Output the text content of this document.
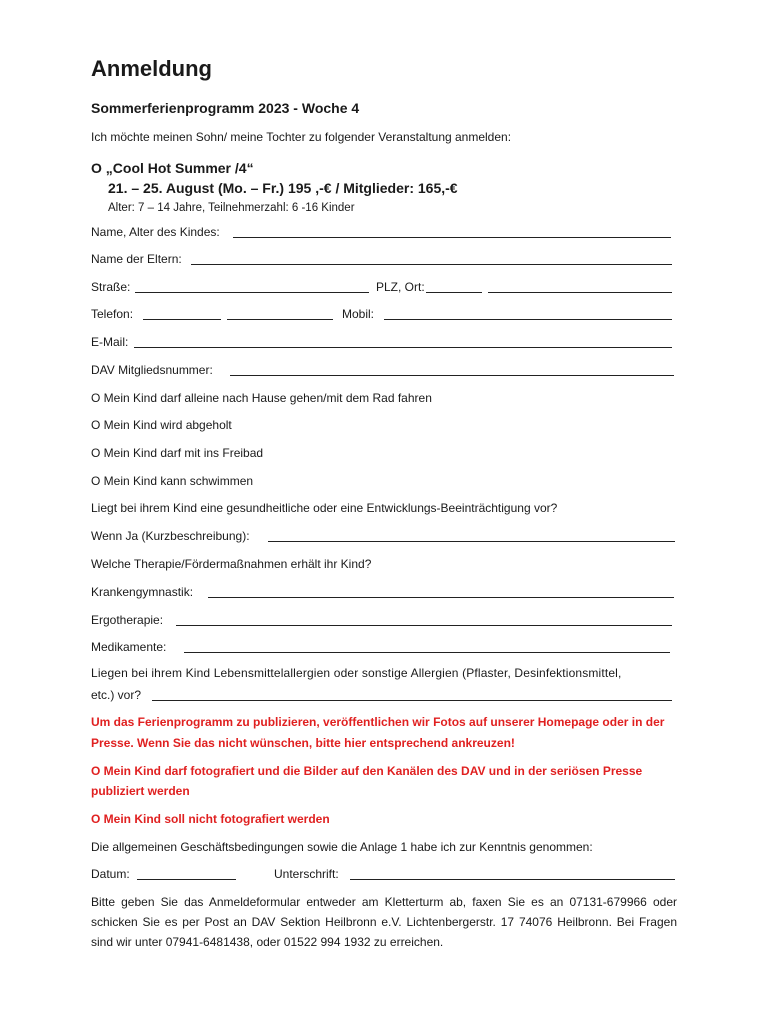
Anmeldung
Sommerferienprogramm 2023 - Woche 4
Ich möchte meinen Sohn/ meine Tochter zu folgender Veranstaltung anmelden:
O „Cool Hot Summer /4“
21. – 25. August (Mo. – Fr.) 195 ,-€ / Mitglieder: 165,-€
Alter: 7 – 14 Jahre, Teilnehmerzahl: 6 -16 Kinder
Name, Alter des Kindes:
Name der Eltern:
Straße:	PLZ, Ort:
Telefon:	Mobil:
E-Mail:
DAV Mitgliedsnummer:
O Mein Kind darf alleine nach Hause gehen/mit dem Rad fahren
O Mein Kind wird abgeholt
O Mein Kind darf mit ins Freibad
O Mein Kind kann schwimmen
Liegt bei ihrem Kind eine gesundheitliche oder eine Entwicklungs-Beeinträchtigung vor?
Wenn Ja (Kurzbeschreibung):
Welche Therapie/Fördermaßnahmen erhält ihr Kind?
Krankengymnastik:
Ergotherapie:
Medikamente:
Liegen bei ihrem Kind Lebensmittelallergien oder sonstige Allergien (Pflaster, Desinfektionsmittel,
etc.) vor?
Um das Ferienprogramm zu publizieren, veröffentlichen wir Fotos auf unserer Homepage oder in der
Presse. Wenn Sie das nicht wünschen, bitte hier entsprechend ankreuzen!
O Mein Kind darf fotografiert und die Bilder auf den Kanälen des DAV und in der seriösen Presse
publiziert werden
O Mein Kind soll nicht fotografiert werden
Die allgemeinen Geschäftsbedingungen sowie die Anlage 1 habe ich zur Kenntnis genommen:
Datum:	Unterschrift:
Bitte geben Sie das Anmeldeformular entweder am Kletterturm ab, faxen Sie es an 07131-679966 oder schicken Sie es per Post an DAV Sektion Heilbronn e.V. Lichtenbergerstr. 17 74076 Heilbronn. Bei Fragen sind wir unter 07941-6481438, oder 01522 994 1932 zu erreichen.
